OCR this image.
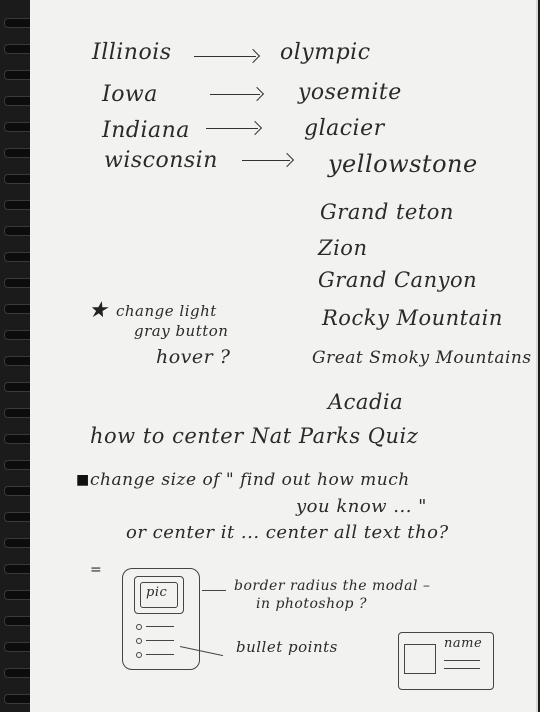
Illinois	olympic
Iowa	yosemite
Indiana	glacier
wisconsin	yellowstone
Grand teton
Zion
Grand Canyon
Rocky Mountain
Great Smoky Mountains
Acadia
★ change light
gray button
hover ?
how to center Nat Parks Quiz
■ change size of " find out how much
you know ... "
or center it ... center all text tho?
=
pic	border radius the modal –
in photoshop ?
bullet points	name
